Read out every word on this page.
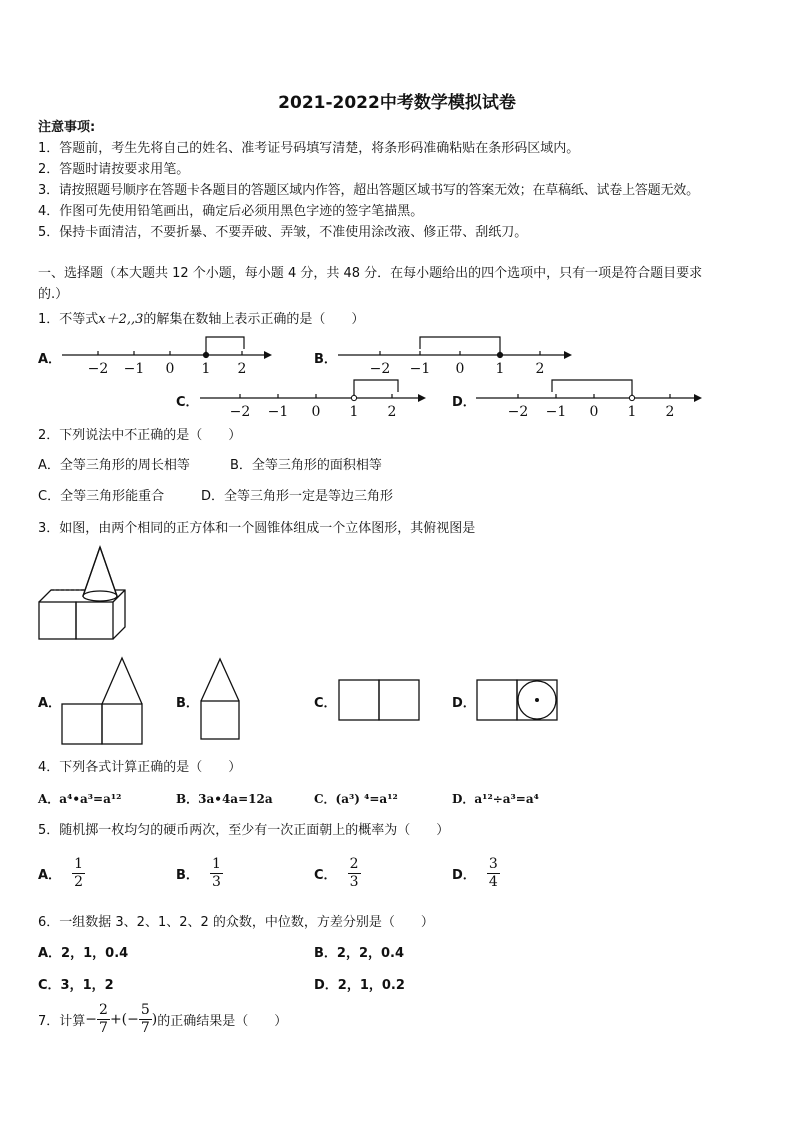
2021-2022中考数学模拟试卷
注意事项:
1．答题前，考生先将自己的姓名、准考证号码填写清楚，将条形码准确粘贴在条形码区域内。
2．答题时请按要求用笔。
3．请按照题号顺序在答题卡各题目的答题区域内作答，超出答题区域书写的答案无效；在草稿纸、试卷上答题无效。
4．作图可先使用铅笔画出，确定后必须用黑色字迹的签字笔描黑。
5．保持卡面清洁，不要折暴、不要弄破、弄皱，不准使用涂改液、修正带、刮纸刀。
一、选择题（本大题共 12 个小题，每小题 4 分，共 48 分．在每小题给出的四个选项中，只有一项是符合题目要求
的.）
1．不等式x＋2,,3的解集在数轴上表示正确的是（　　）
A．
−2 −1 0 1 2
B．
−2 −1 0 1 2
C．
−2 −1 0 1 2
D．
−2 −1 0 1 2
2．下列说法中不正确的是（　　）
A．全等三角形的周长相等	B．全等三角形的面积相等
C．全等三角形能重合	D．全等三角形一定是等边三角形
3．如图，由两个相同的正方体和一个圆锥体组成一个立体图形，其俯视图是
A．	B．	C．	D．
4．下列各式计算正确的是（　　）
A．a⁴•a³=a¹²	B．3a•4a=12a	C．(a³) ⁴=a¹²	D．a¹²÷a³=a⁴
5．随机掷一枚均匀的硬币两次，至少有一次正面朝上的概率为（　　）
A． $\frac{1}{2}$	B． $\frac{1}{3}$	C． $\frac{2}{3}$	D． $\frac{3}{4}$
6．一组数据 3、2、1、2、2 的众数，中位数，方差分别是（　　）
A．2，1，0.4	B．2，2，0.4
C．3，1，2	D．2，1，0.2
7．计算− $\frac{2}{7}$ +(− $\frac{5}{7}$ )的正确结果是（　　）
